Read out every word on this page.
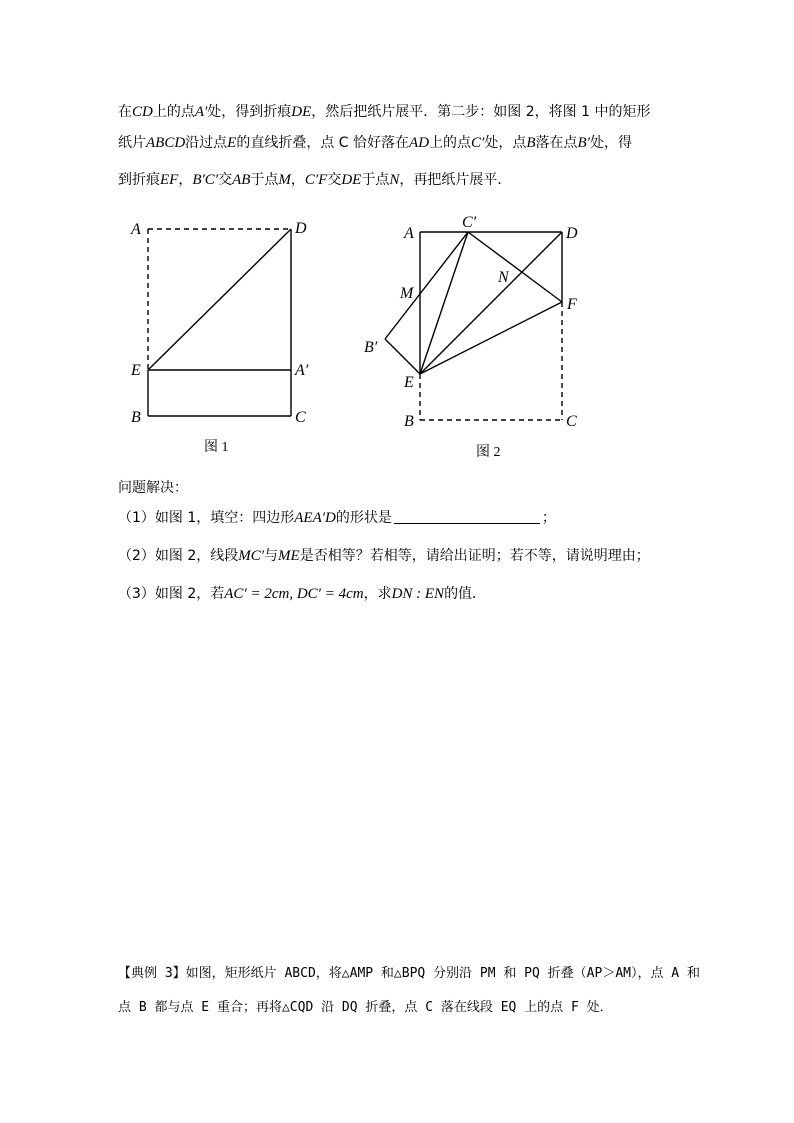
在CD上的点A′处，得到折痕DE，然后把纸片展平．第二步：如图 2，将图 1 中的矩形
纸片ABCD沿过点E的直线折叠，点 C 恰好落在AD上的点C′处，点B落在点B′处，得
到折痕EF，B′C′交AB于点M，C′F交DE于点N，再把纸片展平．
A	D
E	A′
B	C
图 1
A
C′
D
M
N
F
B′
E
B	C
图 2
问题解决：
（1）如图 1，填空：四边形AEA′D的形状是	；
（2）如图 2，线段MC′与ME是否相等？若相等，请给出证明；若不等，请说明理由；
（3）如图 2，若AC′ = 2cm, DC′ = 4cm，求DN : EN的值．
【典例 3】如图，矩形纸片 ABCD，将△AMP 和△BPQ 分别沿 PM 和 PQ 折叠（AP＞AM），点 A 和
点 B 都与点 E 重合；再将△CQD 沿 DQ 折叠，点 C 落在线段 EQ 上的点 F 处．
